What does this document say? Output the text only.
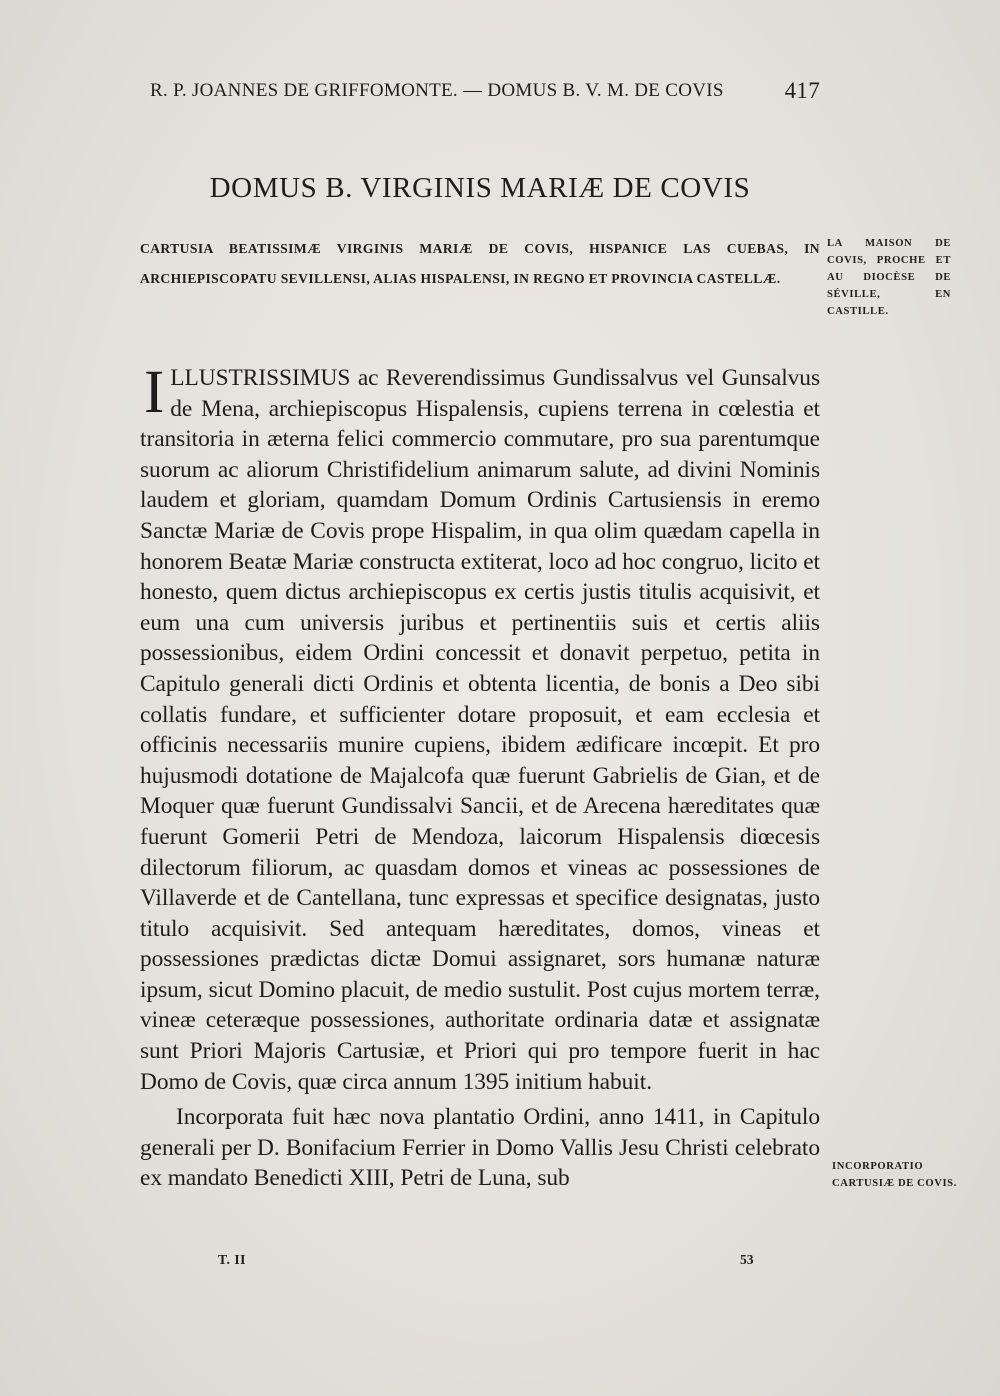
R. P. JOANNES DE GRIFFOMONTE. — DOMUS B. V. M. DE COVIS	417
DOMUS B. VIRGINIS MARIÆ DE COVIS
CARTUSIA BEATISSIMÆ VIRGINIS MARIÆ DE COVIS, HISPANICE LAS CUEBAS, IN ARCHIEPISCOPATU SEVILLENSI, ALIAS HISPALENSI, IN REGNO ET PROVINCIA CASTELLÆ.
LA MAISON DE COVIS, PROCHE ET AU DIOCÈSE DE SÉVILLE, EN CASTILLE.
INCORPORATIO CARTUSIÆ DE COVIS.

ILLUSTRISSIMUS ac Reverendissimus Gundissalvus vel Gunsalvus de Mena, archiepiscopus Hispalensis, cupiens terrena in cœlestia et transitoria in æterna felici commercio commutare, pro sua parentumque suorum ac aliorum Christifidelium animarum salute, ad divini Nominis laudem et gloriam, quamdam Domum Ordinis Cartusiensis in eremo Sanctæ Mariæ de Covis prope Hispalim, in qua olim quædam capella in honorem Beatæ Mariæ constructa extiterat, loco ad hoc congruo, licito et honesto, quem dictus archiepiscopus ex certis justis titulis acquisivit, et eum una cum universis juribus et pertinentiis suis et certis aliis possessionibus, eidem Ordini concessit et donavit perpetuo, petita in Capitulo generali dicti Ordinis et obtenta licentia, de bonis a Deo sibi collatis fundare, et sufficienter dotare proposuit, et eam ecclesia et officinis necessariis munire cupiens, ibidem ædificare incœpit. Et pro hujusmodi dotatione de Majalcofa quæ fuerunt Gabrielis de Gian, et de Moquer quæ fuerunt Gundissalvi Sancii, et de Arecena hæreditates quæ fuerunt Gomerii Petri de Mendoza, laicorum Hispalensis diœcesis dilectorum filiorum, ac quasdam domos et vineas ac possessiones de Villaverde et de Cantellana, tunc expressas et specifice designatas, justo titulo acquisivit. Sed antequam hæreditates, domos, vineas et possessiones prædictas dictæ Domui assignaret, sors humanæ naturæ ipsum, sicut Domino placuit, de medio sustulit. Post cujus mortem terræ, vineæ ceteræque possessiones, authoritate ordinaria datæ et assignatæ sunt Priori Majoris Cartusiæ, et Priori qui pro tempore fuerit in hac Domo de Covis, quæ circa annum 1395 initium habuit.

Incorporata fuit hæc nova plantatio Ordini, anno 1411, in Capitulo generali per D. Bonifacium Ferrier in Domo Vallis Jesu Christi celebrato ex mandato Benedicti XIII, Petri de Luna, sub

T. II	53
